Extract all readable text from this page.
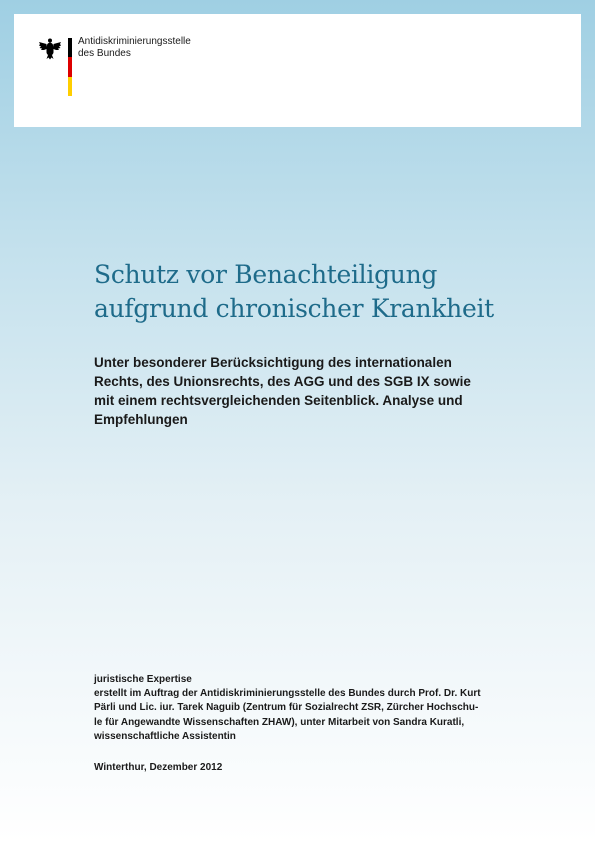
Antidiskriminierungsstelle
des Bundes
Schutz vor Benachteiligung
aufgrund chronischer Krankheit
Unter besonderer Berücksichtigung des internationalen
Rechts, des Unionsrechts, des AGG und des SGB IX sowie
mit einem rechtsvergleichenden Seitenblick. Analyse und
Empfehlungen
juristische Expertise
erstellt im Auftrag der Antidiskriminierungsstelle des Bundes durch Prof. Dr. Kurt
Pärli und Lic. iur. Tarek Naguib (Zentrum für Sozialrecht ZSR, Zürcher Hochschu-
le für Angewandte Wissenschaften ZHAW), unter Mitarbeit von Sandra Kuratli,
wissenschaftliche Assistentin
Winterthur, Dezember 2012
